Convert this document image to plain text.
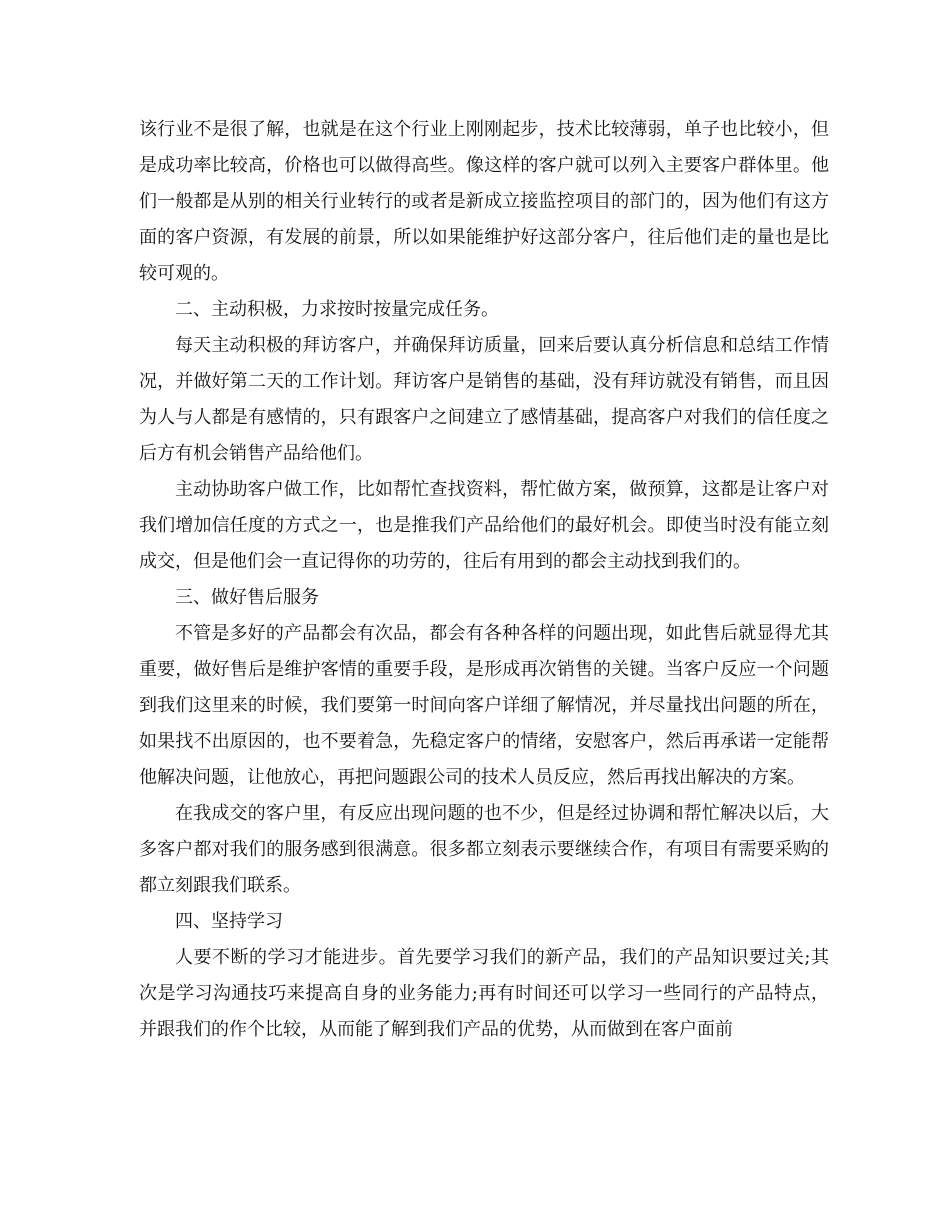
该行业不是很了解，也就是在这个行业上刚刚起步，技术比较薄弱，单子也比较小，但是成功率比较高，价格也可以做得高些。像这样的客户就可以列入主要客户群体里。他们一般都是从别的相关行业转行的或者是新成立接监控项目的部门的，因为他们有这方面的客户资源，有发展的前景，所以如果能维护好这部分客户，往后他们走的量也是比较可观的。

二、主动积极，力求按时按量完成任务。

每天主动积极的拜访客户，并确保拜访质量，回来后要认真分析信息和总结工作情况，并做好第二天的工作计划。拜访客户是销售的基础，没有拜访就没有销售，而且因为人与人都是有感情的，只有跟客户之间建立了感情基础，提高客户对我们的信任度之后方有机会销售产品给他们。

主动协助客户做工作，比如帮忙查找资料，帮忙做方案，做预算，这都是让客户对我们增加信任度的方式之一，也是推我们产品给他们的最好机会。即使当时没有能立刻成交，但是他们会一直记得你的功劳的，往后有用到的都会主动找到我们的。

三、做好售后服务

不管是多好的产品都会有次品，都会有各种各样的问题出现，如此售后就显得尤其重要，做好售后是维护客情的重要手段，是形成再次销售的关键。当客户反应一个问题到我们这里来的时候，我们要第一时间向客户详细了解情况，并尽量找出问题的所在，如果找不出原因的，也不要着急，先稳定客户的情绪，安慰客户，然后再承诺一定能帮他解决问题，让他放心，再把问题跟公司的技术人员反应，然后再找出解决的方案。

在我成交的客户里，有反应出现问题的也不少，但是经过协调和帮忙解决以后，大多客户都对我们的服务感到很满意。很多都立刻表示要继续合作，有项目有需要采购的都立刻跟我们联系。

四、坚持学习

人要不断的学习才能进步。首先要学习我们的新产品，我们的产品知识要过关;其次是学习沟通技巧来提高自身的业务能力;再有时间还可以学习一些同行的产品特点，并跟我们的作个比较，从而能了解到我们产品的优势，从而做到在客户面前
